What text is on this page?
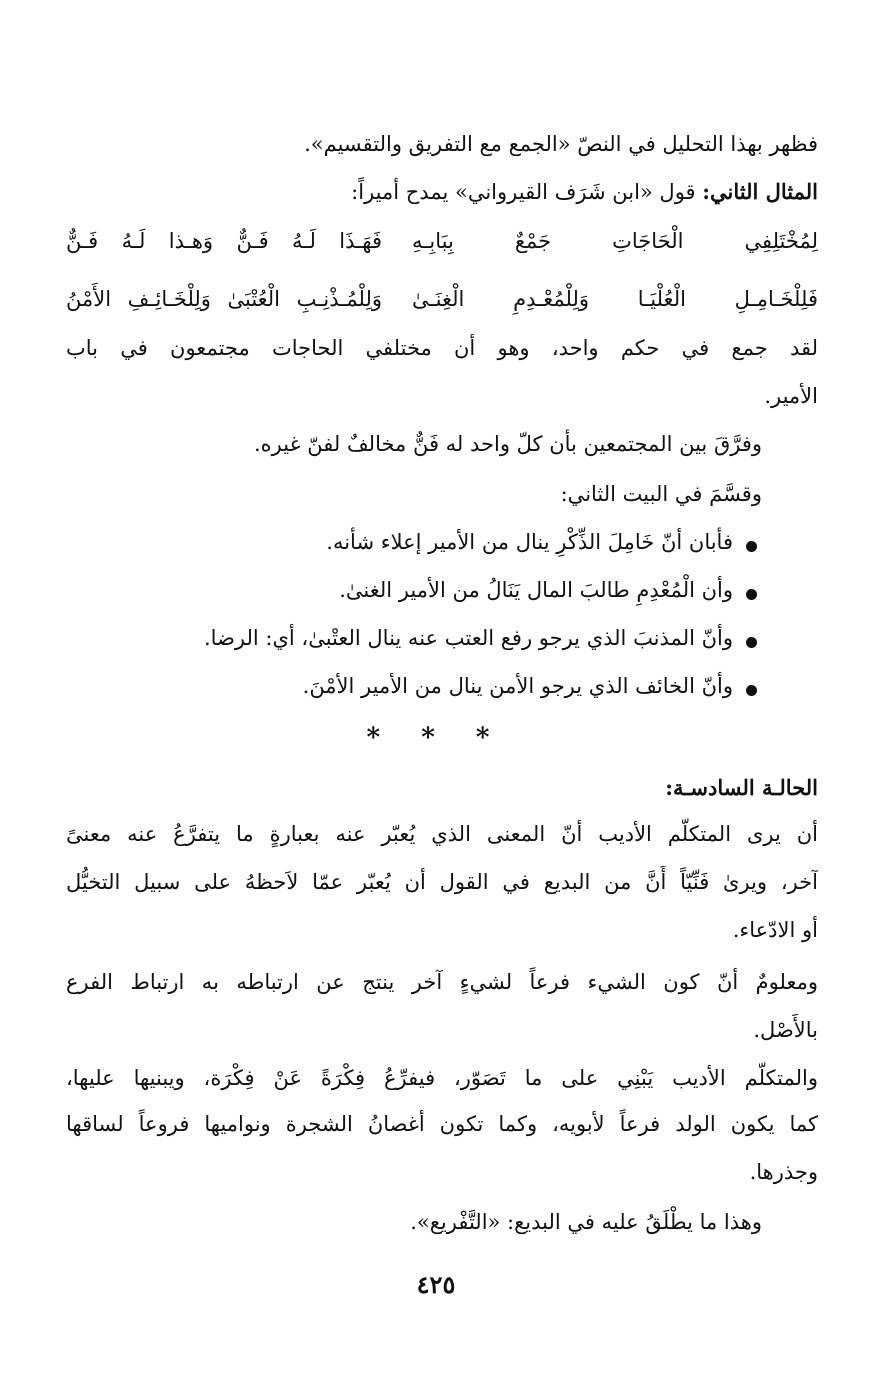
فظهر بهذا التحليل في النصّ «الجمع مع التفريق والتقسيم».
المثال الثاني: قول «ابن شَرَف القيرواني» يمدح أميراً:
لِمُخْتَلِفِي الْحَاجَاتِ جَمْعٌ بِبَابِـهِ
فَهَـذَا لَـهُ فَـنٌّ وَهـذا لَـهُ فَـنٌّ
فَلِلْخَـامِـلِ الْعُلْيَـا وَلِلْمُعْـدِمِ الْغِنَـىٰ
وَلِلْمُـذْنِـبِ الْعُتْبَىٰ وَلِلْخَـائِـفِ الأَمْنُ
لقد جمع في حكم واحد، وهو أن مختلفي الحاجات مجتمعون في باب
الأمير.
وفرَّقَ بين المجتمعين بأن كلّ واحد له فَنٌّ مخالفٌ لفنّ غيره.
وقسَّمَ في البيت الثاني:
فأبان أنّ خَامِلَ الذِّكْرِ ينال من الأمير إعلاء شأنه.
وأن الْمُعْدِمِ طالبَ المال يَنَالُ من الأمير الغنىٰ.
وأنّ المذنبَ الذي يرجو رفع العتب عنه ينال العتْبىٰ، أي: الرضا.
وأنّ الخائف الذي يرجو الأمن ينال من الأمير الأمْنَ.
* * *
الحالـة السادسـة:
أن يرى المتكلّم الأديب أنّ المعنى الذي يُعبّر عنه بعبارةٍ ما يتفرَّعُ عنه معنىً
آخر، ويرىٰ فَنِّيّاً أَنَّ من البديع في القول أن يُعبّر عمّا لاَحظهُ على سبيل التخيُّل
أو الادّعاء.
ومعلومٌ أنّ كون الشيء فرعاً لشيءٍ آخر ينتج عن ارتباطه به ارتباط الفرع
بالأَصْل.
والمتكلّم الأديب يَبْنِي على ما تَصَوّر، فيفرِّعُ فِكْرَةً عَنْ فِكْرَة، ويبنيها عليها،
كما يكون الولد فرعاً لأبويه، وكما تكون أغصانُ الشجرة ونواميها فروعاً لساقها
وجذرها.
وهذا ما يطْلَقُ عليه في البديع: «التَّفْريع».
٤٢٥
